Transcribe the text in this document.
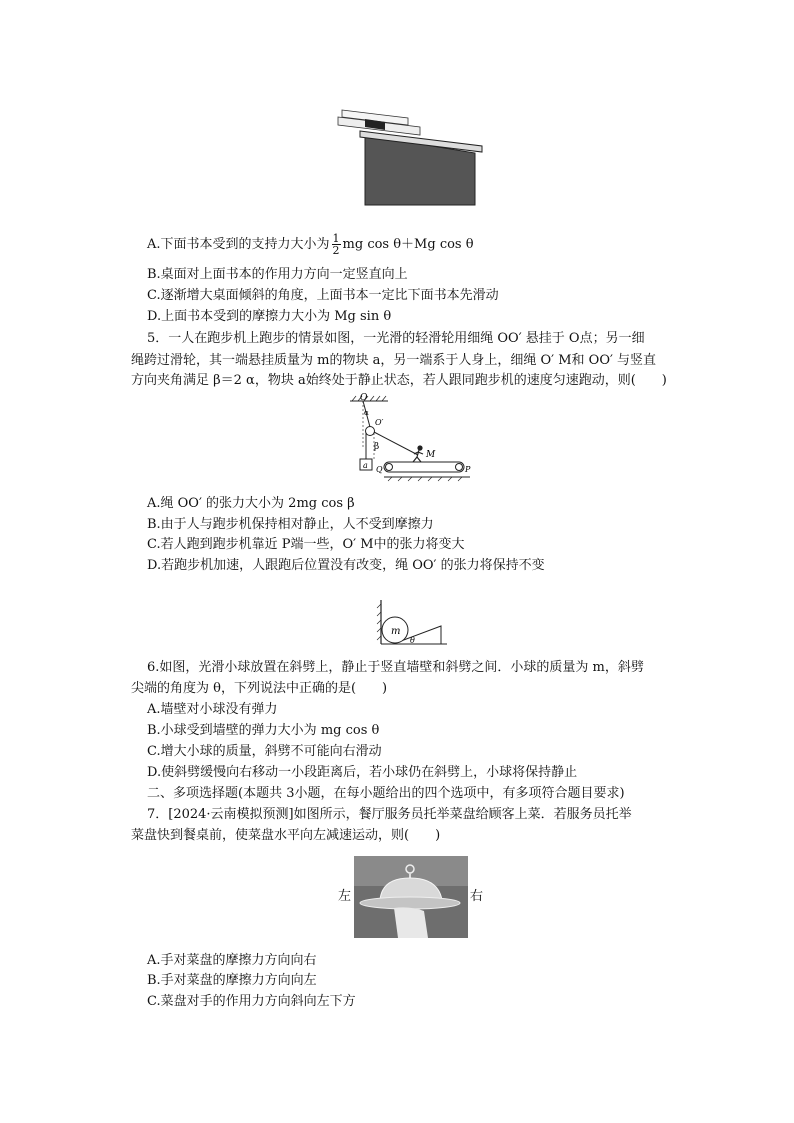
A.下面书本受到的支持力大小为 $\frac{1}{2}$ mg cos θ＋Mg cos θ
B.桌面对上面书本的作用力方向一定竖直向上
C.逐渐增大桌面倾斜的角度，上面书本一定比下面书本先滑动
D.上面书本受到的摩擦力大小为 Mg sin θ
5．一人在跑步机上跑步的情景如图，一光滑的轻滑轮用细绳 OO′ 悬挂于 O点；另一细
绳跨过滑轮，其一端悬挂质量为 m的物块 a，另一端系于人身上，细绳 O′ M和 OO′ 与竖直
方向夹角满足 β＝2 α，物块 a始终处于静止状态，若人跟同跑步机的速度匀速跑动，则(　　)
O
O′
α
a
β
M
Q	P
A.绳 OO′ 的张力大小为 2mg cos β
B.由于人与跑步机保持相对静止，人不受到摩擦力
C.若人跑到跑步机靠近 P端一些，O′ M中的张力将变大
D.若跑步机加速，人跟跑后位置没有改变，绳 OO′ 的张力将保持不变
m
θ
6.如图，光滑小球放置在斜劈上，静止于竖直墙壁和斜劈之间．小球的质量为 m，斜劈
尖端的角度为 θ，下列说法中正确的是(　　)
A.墙壁对小球没有弹力
B.小球受到墙壁的弹力大小为 mg cos θ
C.增大小球的质量，斜劈不可能向右滑动
D.使斜劈缓慢向右移动一小段距离后，若小球仍在斜劈上，小球将保持静止
二、多项选择题(本题共 3小题，在每小题给出的四个选项中，有多项符合题目要求)
7．[2024·云南模拟预测]如图所示，餐厅服务员托举菜盘给顾客上菜．若服务员托举
菜盘快到餐桌前，使菜盘水平向左减速运动，则(　　)
左	右
A.手对菜盘的摩擦力方向向右
B.手对菜盘的摩擦力方向向左
C.菜盘对手的作用力方向斜向左下方
